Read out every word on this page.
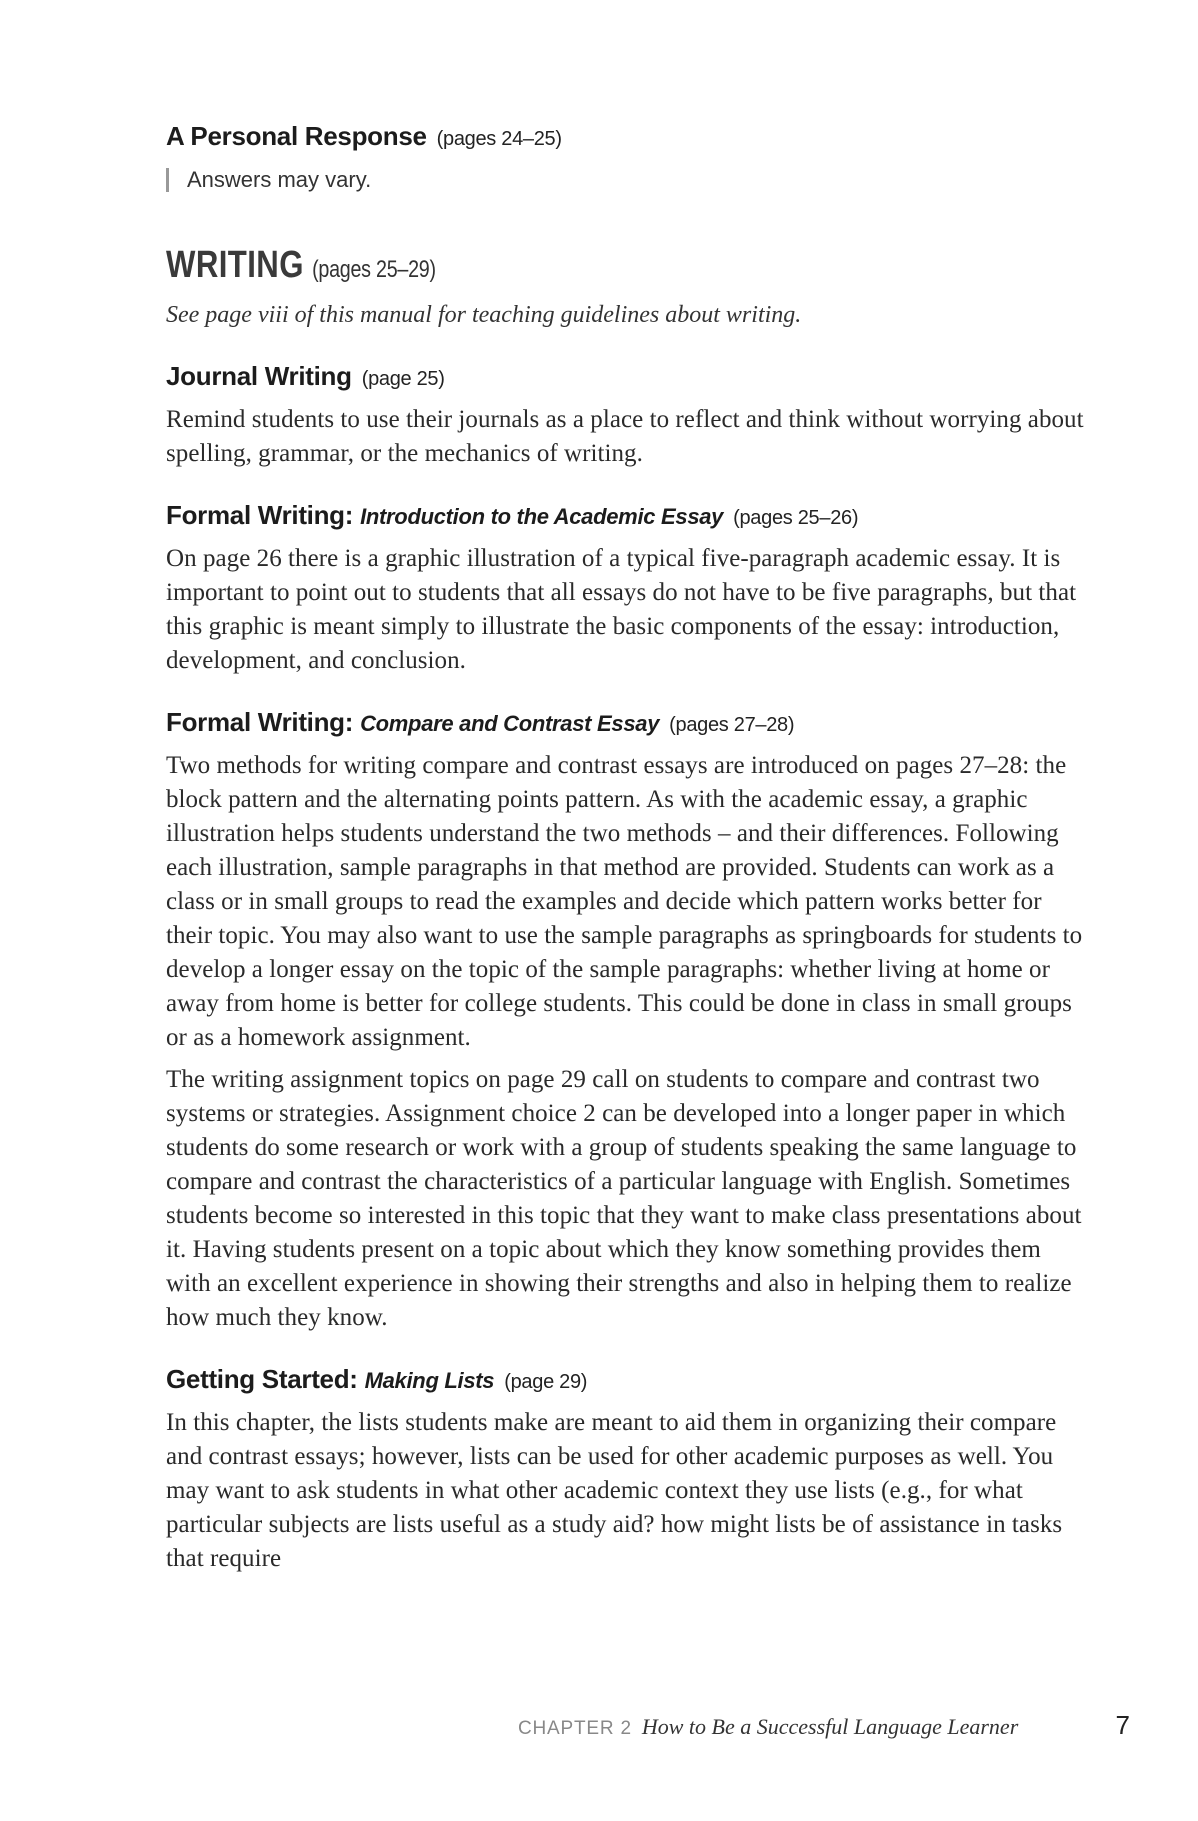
A Personal Response (pages 24–25)
Answers may vary.
WRITING (pages 25–29)
See page viii of this manual for teaching guidelines about writing.
Journal Writing (page 25)

Remind students to use their journals as a place to reflect and think without worrying about spelling, grammar, or the mechanics of writing.

Formal Writing: Introduction to the Academic Essay (pages 25–26)

On page 26 there is a graphic illustration of a typical five-paragraph academic essay. It is important to point out to students that all essays do not have to be five paragraphs, but that this graphic is meant simply to illustrate the basic components of the essay: introduction, development, and conclusion.

Formal Writing: Compare and Contrast Essay (pages 27–28)

Two methods for writing compare and contrast essays are introduced on pages 27–28: the block pattern and the alternating points pattern. As with the academic essay, a graphic illustration helps students understand the two methods – and their differences. Following each illustration, sample paragraphs in that method are provided. Students can work as a class or in small groups to read the examples and decide which pattern works better for their topic. You may also want to use the sample paragraphs as springboards for students to develop a longer essay on the topic of the sample paragraphs: whether living at home or away from home is better for college students. This could be done in class in small groups or as a homework assignment.

The writing assignment topics on page 29 call on students to compare and contrast two systems or strategies. Assignment choice 2 can be developed into a longer paper in which students do some research or work with a group of students speaking the same language to compare and contrast the characteristics of a particular language with English. Sometimes students become so interested in this topic that they want to make class presentations about it. Having students present on a topic about which they know something provides them with an excellent experience in showing their strengths and also in helping them to realize how much they know.

Getting Started: Making Lists (page 29)

In this chapter, the lists students make are meant to aid them in organizing their compare and contrast essays; however, lists can be used for other academic purposes as well. You may want to ask students in what other academic context they use lists (e.g., for what particular subjects are lists useful as a study aid? how might lists be of assistance in tasks that require

CHAPTER 2 How to Be a Successful Language Learner	7
